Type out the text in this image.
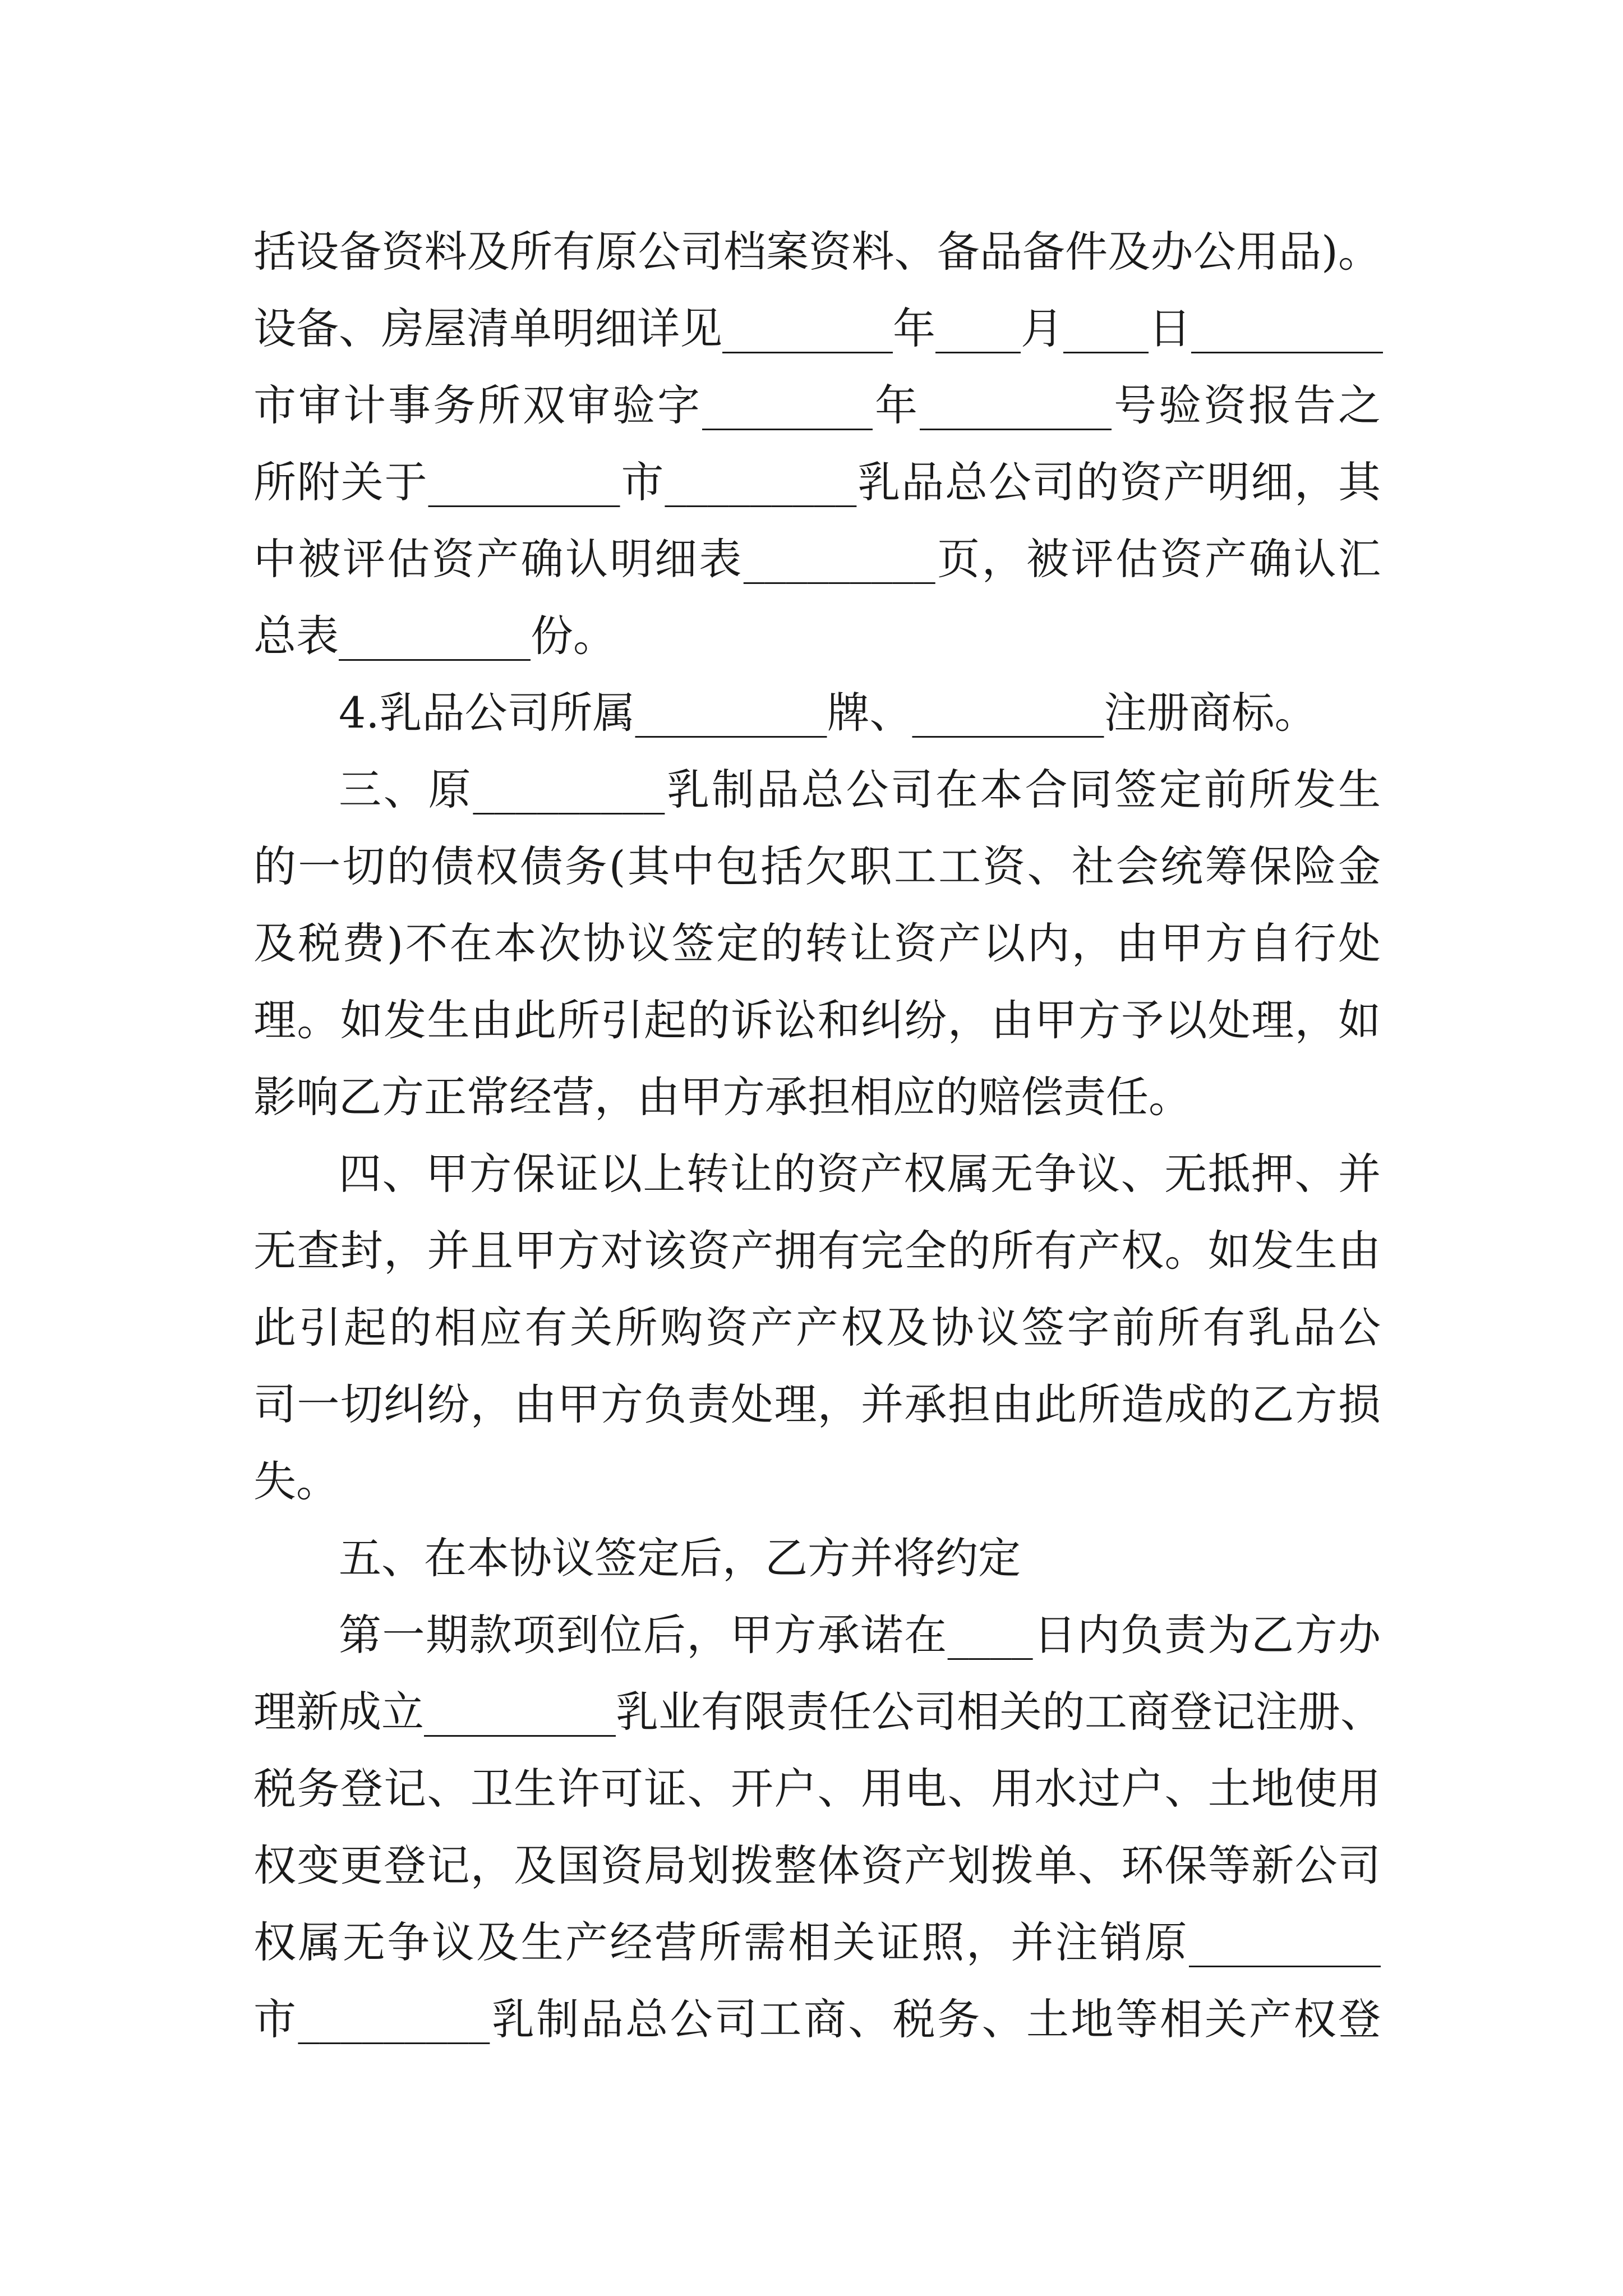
括设备资料及所有原公司档案资料、备品备件及办公用品)。
设备、房屋清单明细详见________年____月____日_________
市审计事务所双审验字________年_________号验资报告之
所附关于_________市_________乳品总公司的资产明细，其
中被评估资产确认明细表_________页，被评估资产确认汇
总表_________份。
4.乳品公司所属_________牌、_________注册商标。
三、原_________乳制品总公司在本合同签定前所发生
的一切的债权债务(其中包括欠职工工资、社会统筹保险金
及税费)不在本次协议签定的转让资产以内，由甲方自行处
理。如发生由此所引起的诉讼和纠纷，由甲方予以处理，如
影响乙方正常经营，由甲方承担相应的赔偿责任。
四、甲方保证以上转让的资产权属无争议、无抵押、并
无查封，并且甲方对该资产拥有完全的所有产权。如发生由
此引起的相应有关所购资产产权及协议签字前所有乳品公
司一切纠纷，由甲方负责处理，并承担由此所造成的乙方损
失。
五、在本协议签定后，乙方并将约定
第一期款项到位后，甲方承诺在____日内负责为乙方办
理新成立_________乳业有限责任公司相关的工商登记注册、
税务登记、卫生许可证、开户、用电、用水过户、土地使用
权变更登记，及国资局划拨整体资产划拨单、环保等新公司
权属无争议及生产经营所需相关证照，并注销原_________
市_________乳制品总公司工商、税务、土地等相关产权登
